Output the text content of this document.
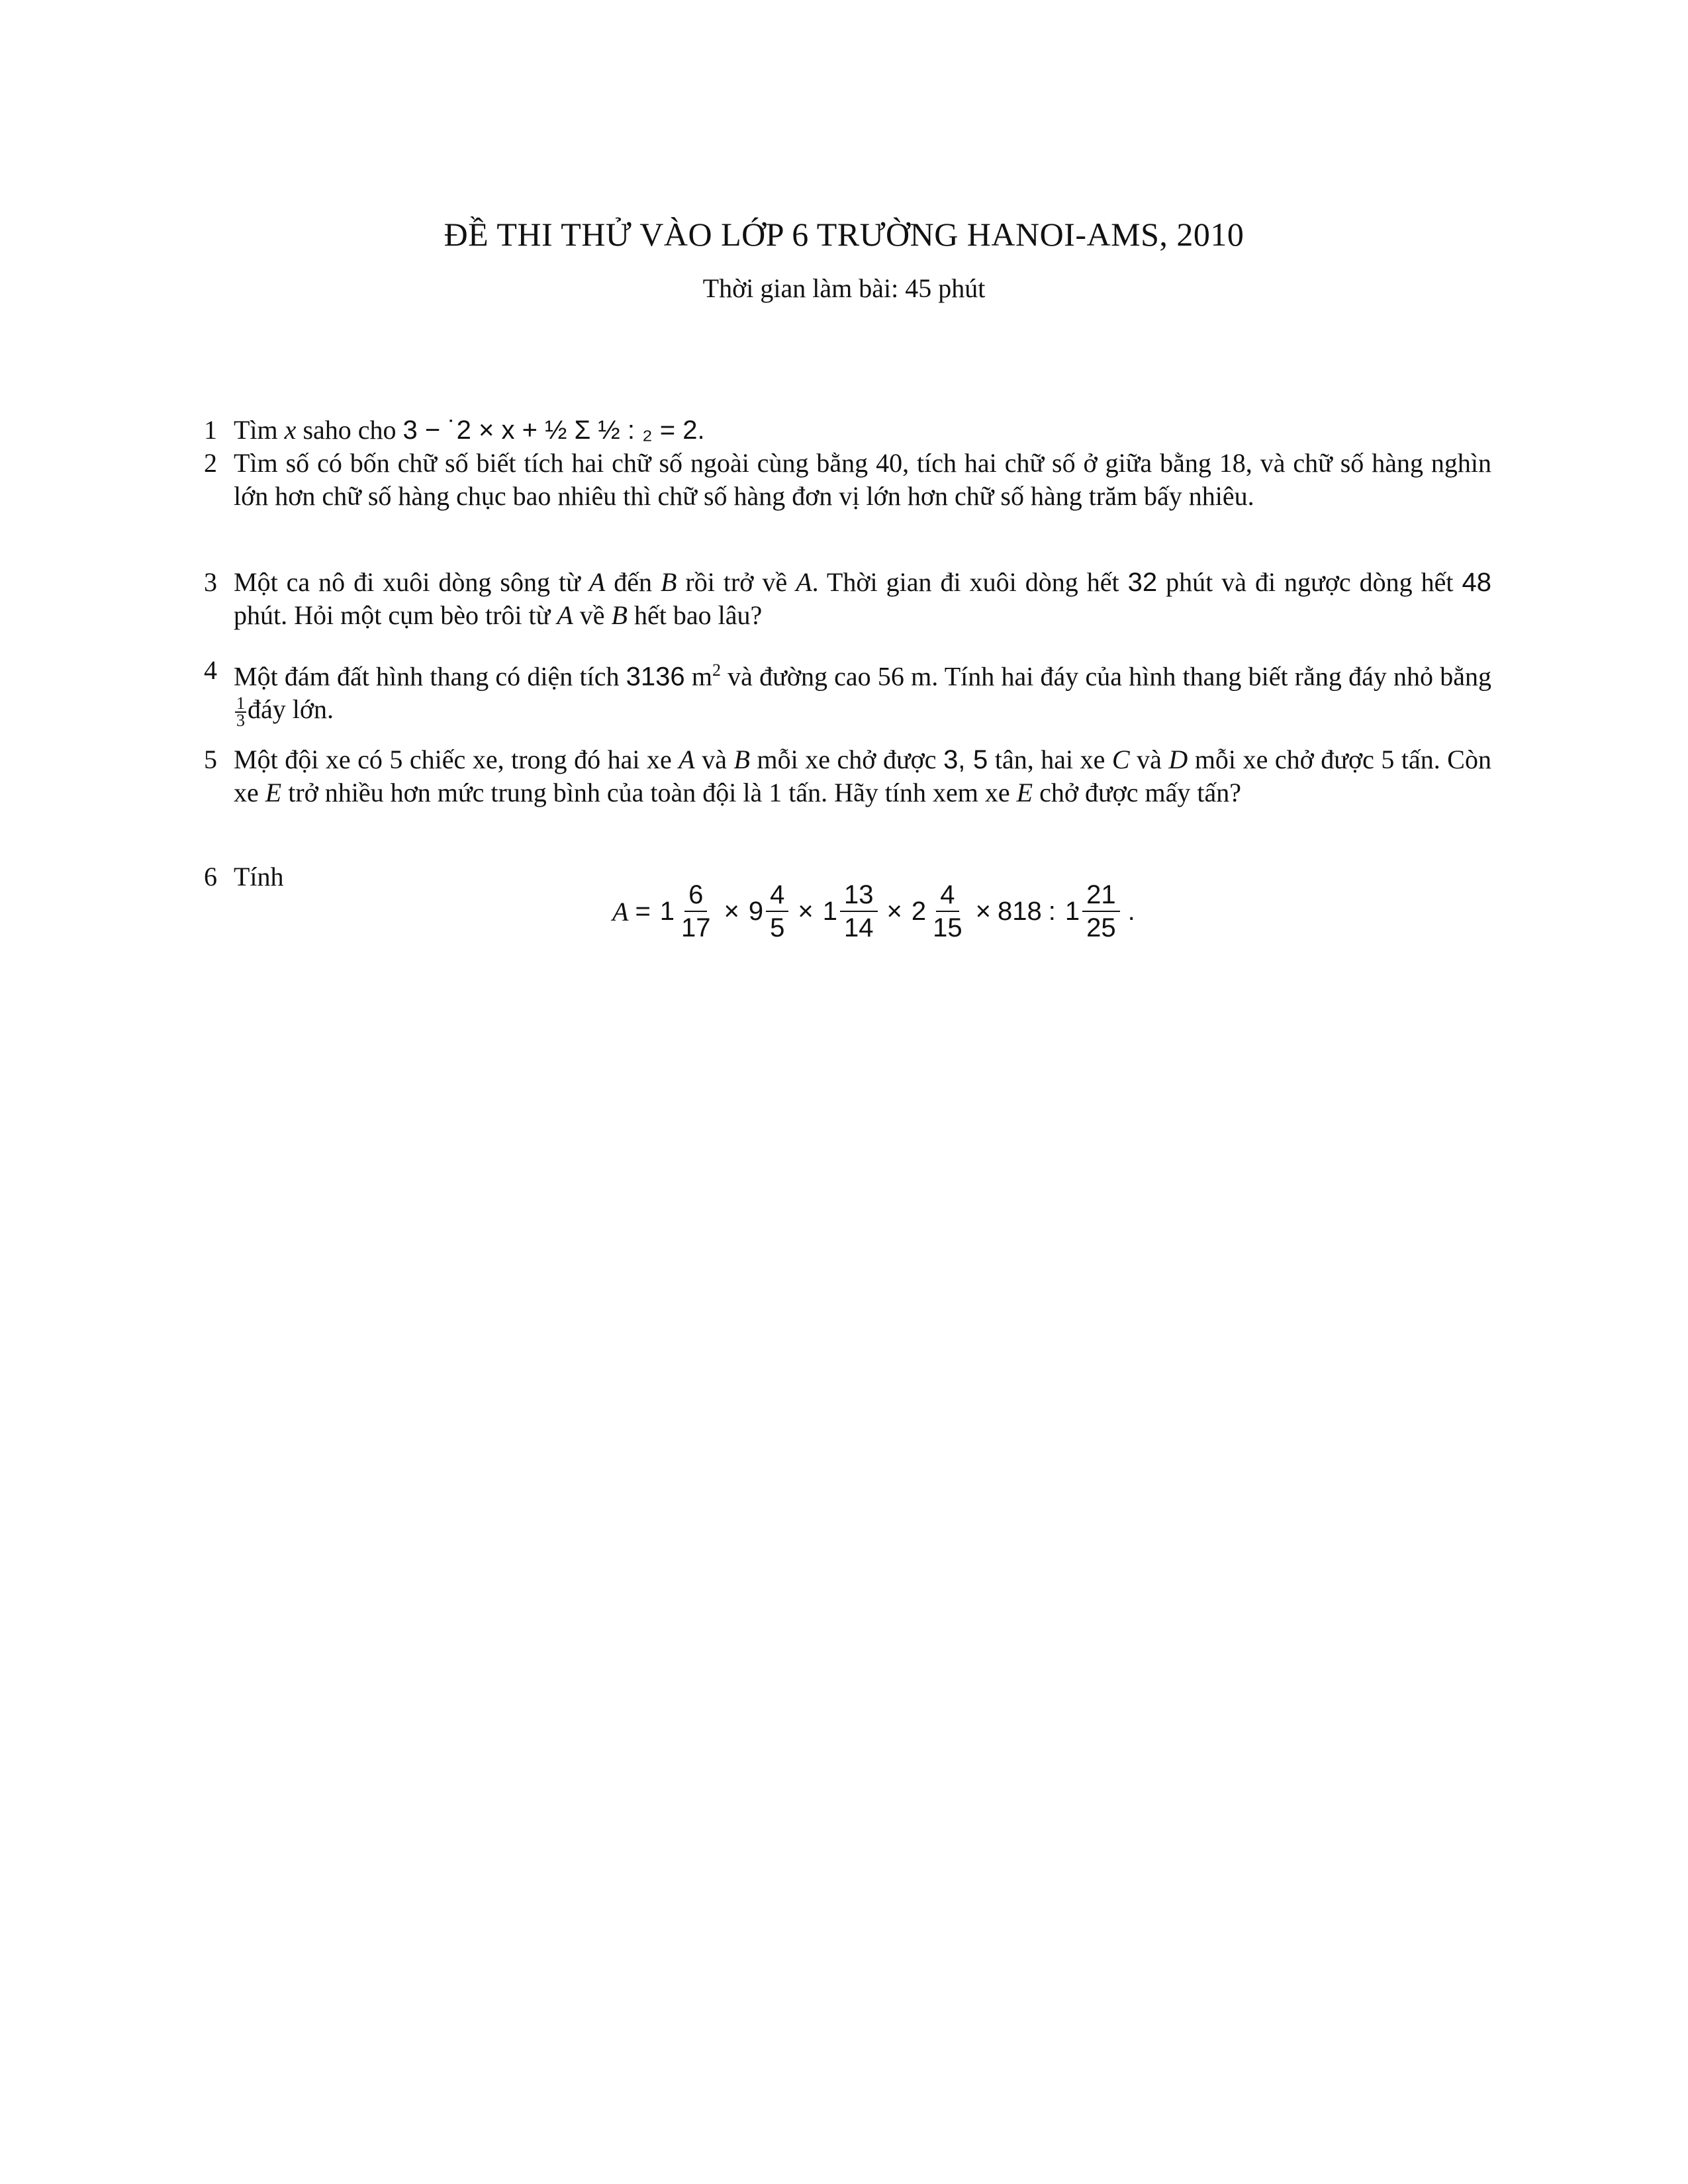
ĐỀ THI THỬ VÀO LỚP 6 TRƯỜNG HANOI-AMS, 2010
Thời gian làm bài: 45 phút
1 Tìm x saho cho 3 − ˙2 × x + ½ Σ ½ : ₂ = 2.
2 Tìm số có bốn chữ số biết tích hai chữ số ngoài cùng bằng 40, tích hai chữ số ở giữa bằng 18, và chữ số hàng nghìn lớn hơn chữ số hàng chục bao nhiêu thì chữ số hàng đơn vị lớn hơn chữ số hàng trăm bấy nhiêu.
3 Một ca nô đi xuôi dòng sông từ A đến B rồi trở về A. Thời gian đi xuôi dòng hết 32 phút và đi ngược dòng hết 48 phút. Hỏi một cụm bèo trôi từ A về B hết bao lâu?
4 Một đám đất hình thang có diện tích 3136 $m^2$ và đường cao 56 m. Tính hai đáy của hình thang biết rằng đáy nhỏ bằng
$\frac{1}{3}$ đáy lớn.
5 Một đội xe có 5 chiếc xe, trong đó hai xe A và B mỗi xe chở được 3, 5 tân, hai xe C và D mỗi xe chở được 5 tấn. Còn xe E trở nhiều hơn mức trung bình của toàn đội là 1 tấn. Hãy tính xem xe E chở được mấy tấn?
6 Tính
A = 1
6
17
× 9
4
5
× 1
13
14
× 2
4
15
× 818 : 1
21
25
.
